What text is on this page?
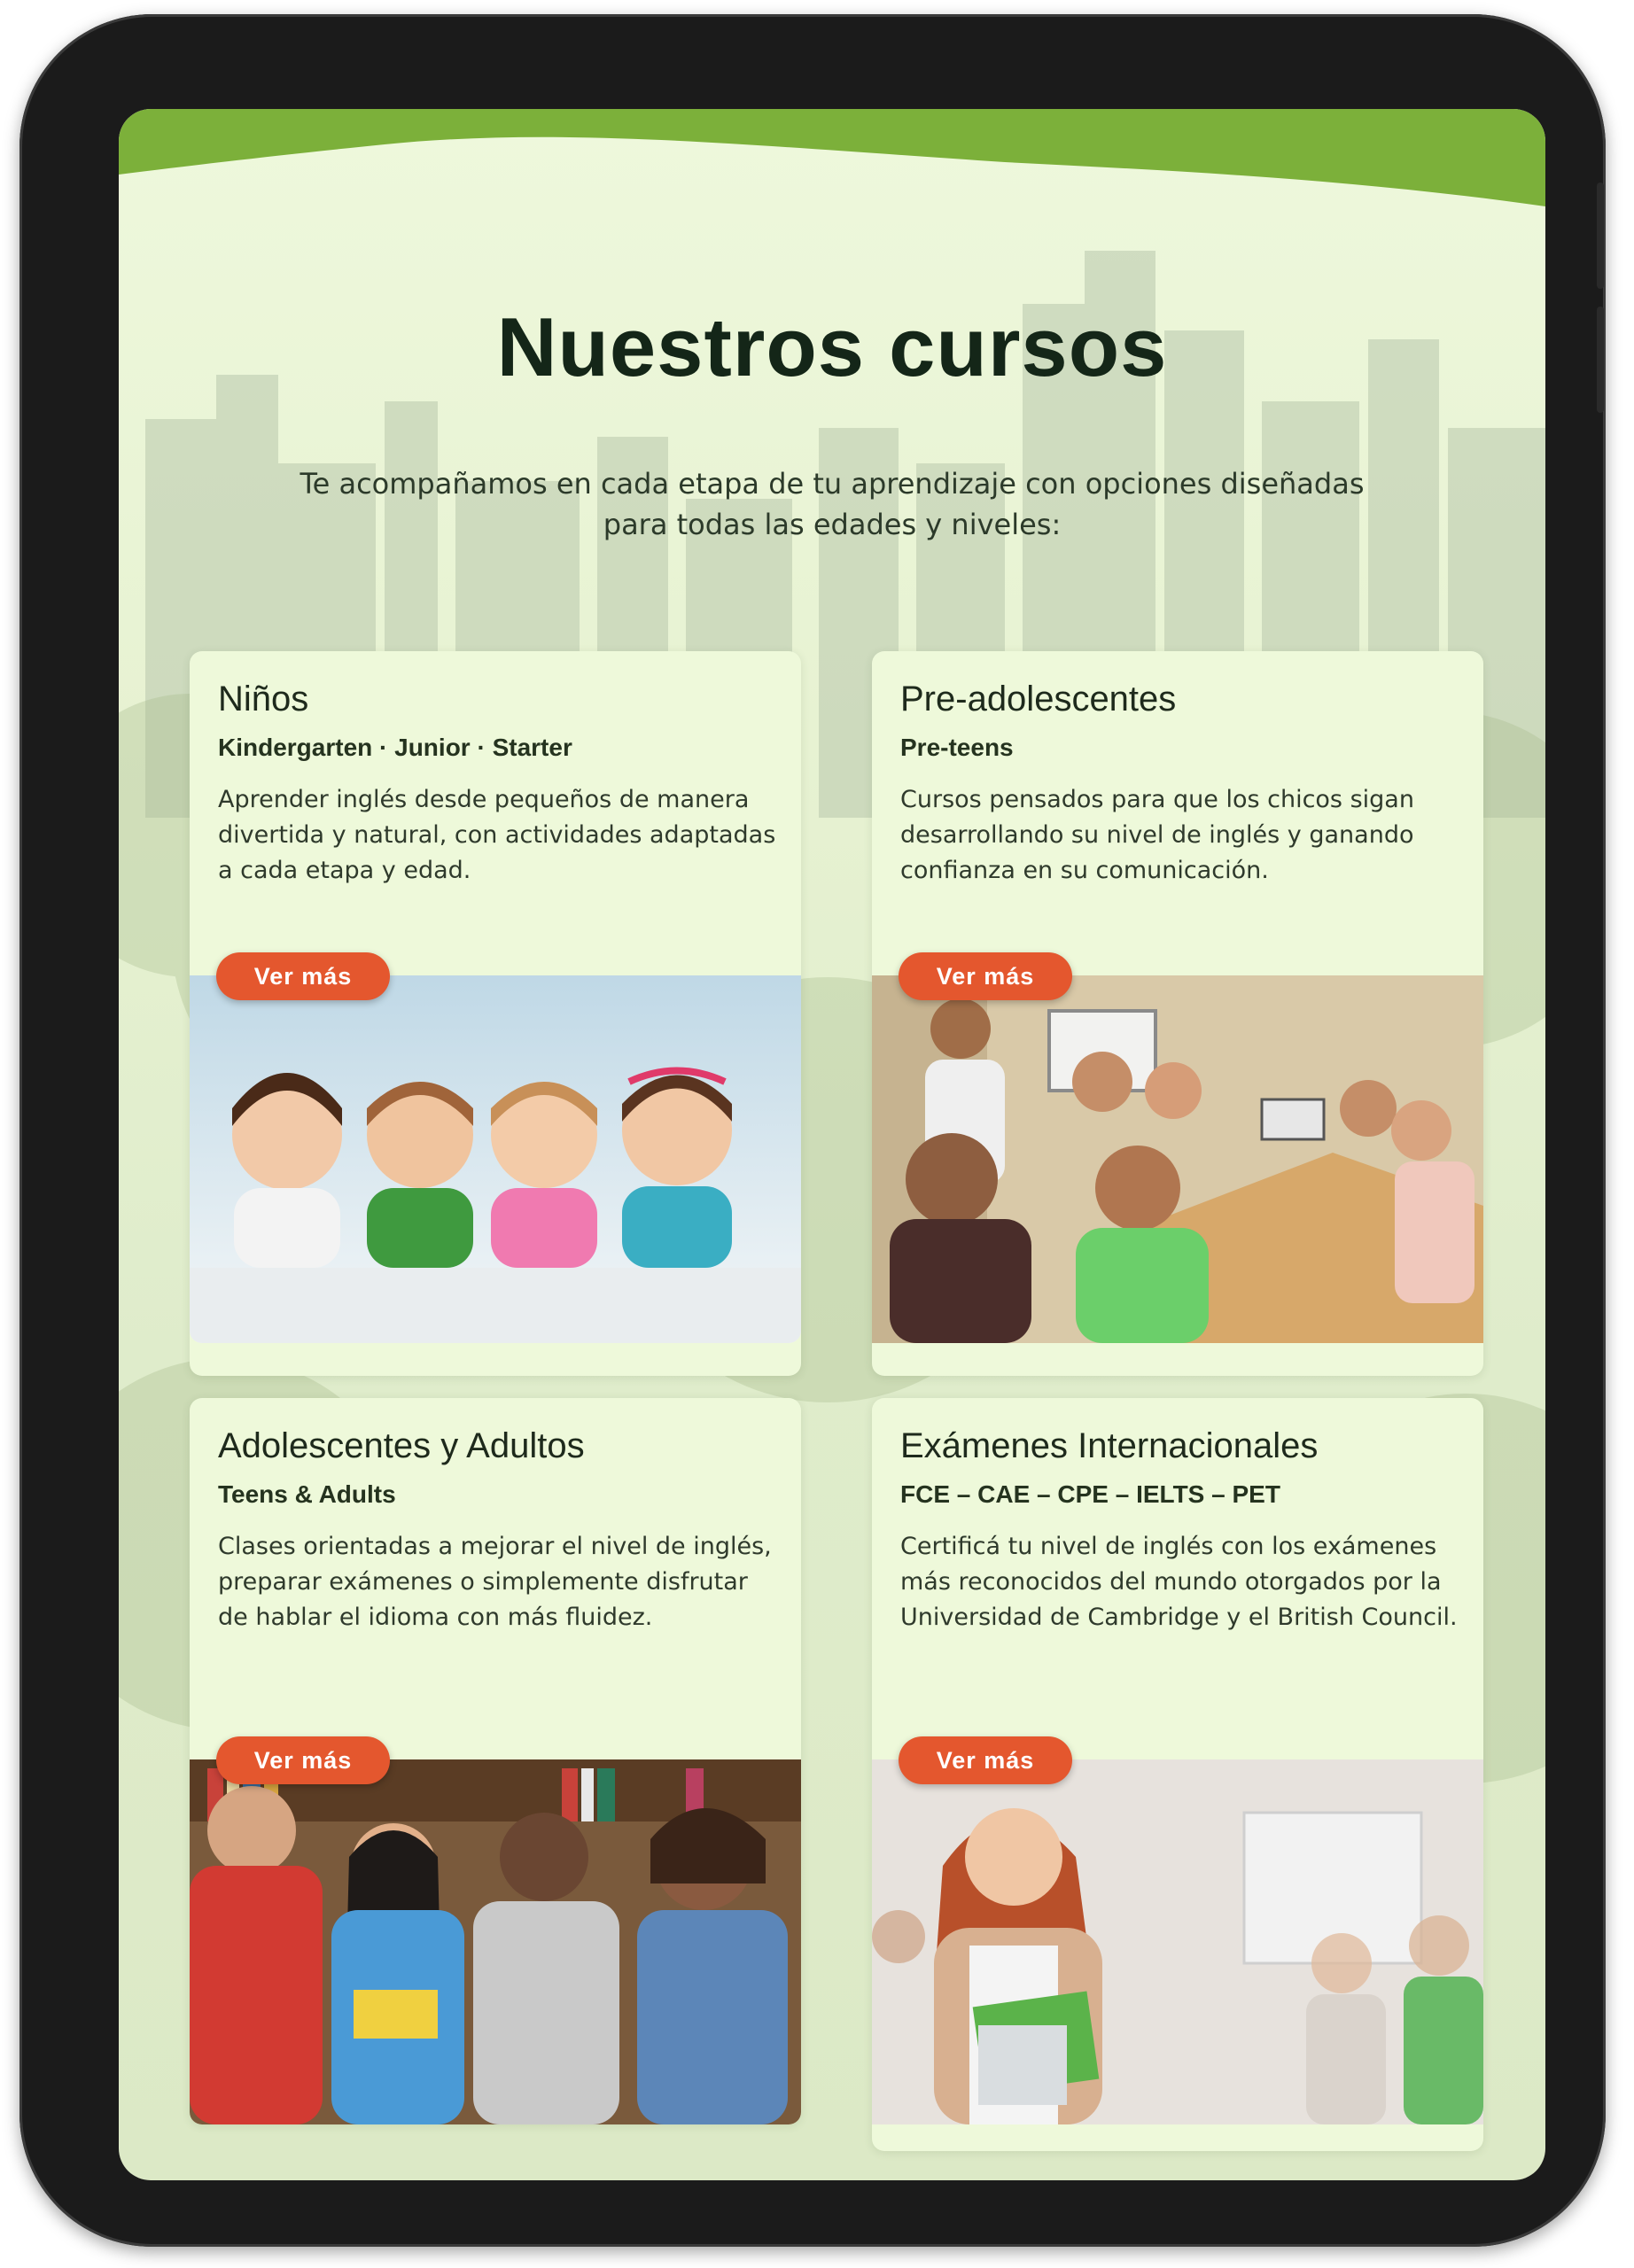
Nuestros cursos
Te acompañamos en cada etapa de tu aprendizaje con opciones diseñadas para todas las edades y niveles:
Niños
Kindergarten · Junior · Starter
Aprender inglés desde pequeños de manera divertida y natural, con actividades adaptadas a cada etapa y edad.
Ver más
Pre-adolescentes
Pre-teens
Cursos pensados para que los chicos sigan desarrollando su nivel de inglés y ganando confianza en su comunicación.
Ver más
Adolescentes y Adultos
Teens & Adults
Clases orientadas a mejorar el nivel de inglés, preparar exámenes o simplemente disfrutar de hablar el idioma con más fluidez.
Ver más
Exámenes Internacionales
FCE – CAE – CPE – IELTS – PET
Certificá tu nivel de inglés con los exámenes más reconocidos del mundo otorgados por la Universidad de Cambridge y el British Council.
Ver más
